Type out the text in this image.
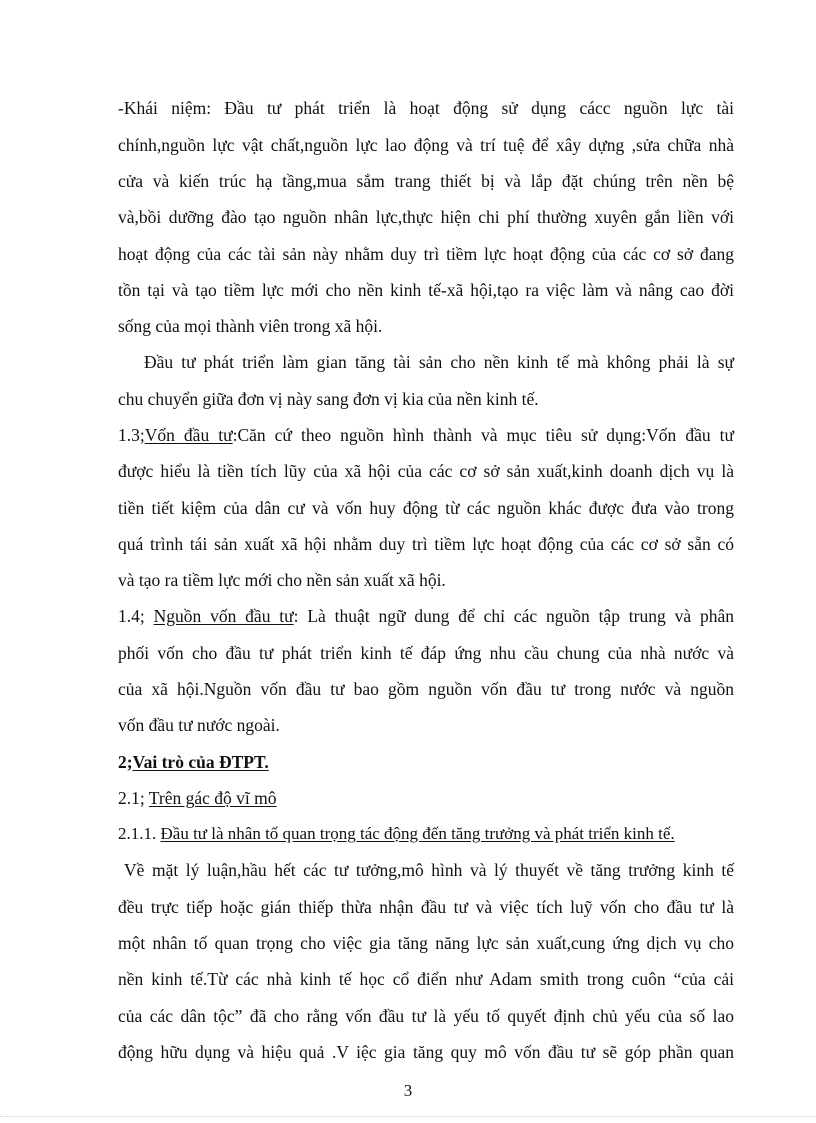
-Khái niệm: Đầu tư phát triển là hoạt động sử dụng cácc nguồn lực tài
chính,nguồn lực vật chất,nguồn lực lao động và trí tuệ để xây dựng ,sửa chữa nhà
cửa và kiến trúc hạ tầng,mua sắm trang thiết bị và lắp đặt chúng trên nền bệ
và,bồi dưỡng đào tạo nguồn nhân lực,thực hiện chi phí thường xuyên gắn liền với
hoạt động của các tài sản này nhằm duy trì tiềm lực hoạt động của các cơ sở đang
tồn tại và tạo tiềm lực mới cho nền kinh tế-xã hội,tạo ra việc làm và nâng cao đời
sống của mọi thành viên trong xã hội.
Đầu tư phát triển làm gian tăng tài sản cho nền kinh tế mà không phải là sự
chu chuyển giữa đơn vị này sang đơn vị kia của nền kinh tế.
1.3;Vốn đầu tư:Căn cứ theo nguồn hình thành và mục tiêu sử dụng:Vốn đầu tư
được hiểu là tiền tích lũy của xã hội của các cơ sở sản xuất,kinh doanh dịch vụ là
tiền tiết kiệm của dân cư và vốn huy động từ các nguồn khác được đưa vào trong
quá trình tái sản xuất xã hội nhằm duy trì tiềm lực hoạt động của các cơ sở sẵn có
và tạo ra tiềm lực mới cho nền sản xuất xã hội.
1.4; Nguồn vốn đầu tư: Là thuật ngữ dung để chỉ các nguồn tập trung và phân
phối vốn cho đầu tư phát triển kinh tế đáp ứng nhu cầu chung của nhà nước và
của xã hội.Nguồn vốn đầu tư bao gồm nguồn vốn đầu tư trong nước và nguồn
vốn đầu tư nước ngoài.
2;Vai trò của ĐTPT.
2.1; Trên gác độ vĩ mô
2.1.1. Đầu tư là nhân tố quan trọng tác động đến tăng trưởng và phát triển kinh tế.
Về mặt lý luận,hầu hết các tư tưởng,mô hình và lý thuyết về tăng trưởng kinh tế
đều trực tiếp hoặc gián thiếp thừa nhận đầu tư và việc tích luỹ vốn cho đầu tư là
một nhân tố quan trọng cho việc gia tăng năng lực sản xuất,cung ứng dịch vụ cho
nền kinh tế.Từ các nhà kinh tế học cổ điển như Adam smith trong cuôn “của cải
của các dân tộc” đã cho rằng vốn đầu tư là yếu tố quyết định chủ yếu của số lao
động hữu dụng và hiệu quả .V iệc gia tăng quy mô vốn đầu tư sẽ góp phần quan
3
